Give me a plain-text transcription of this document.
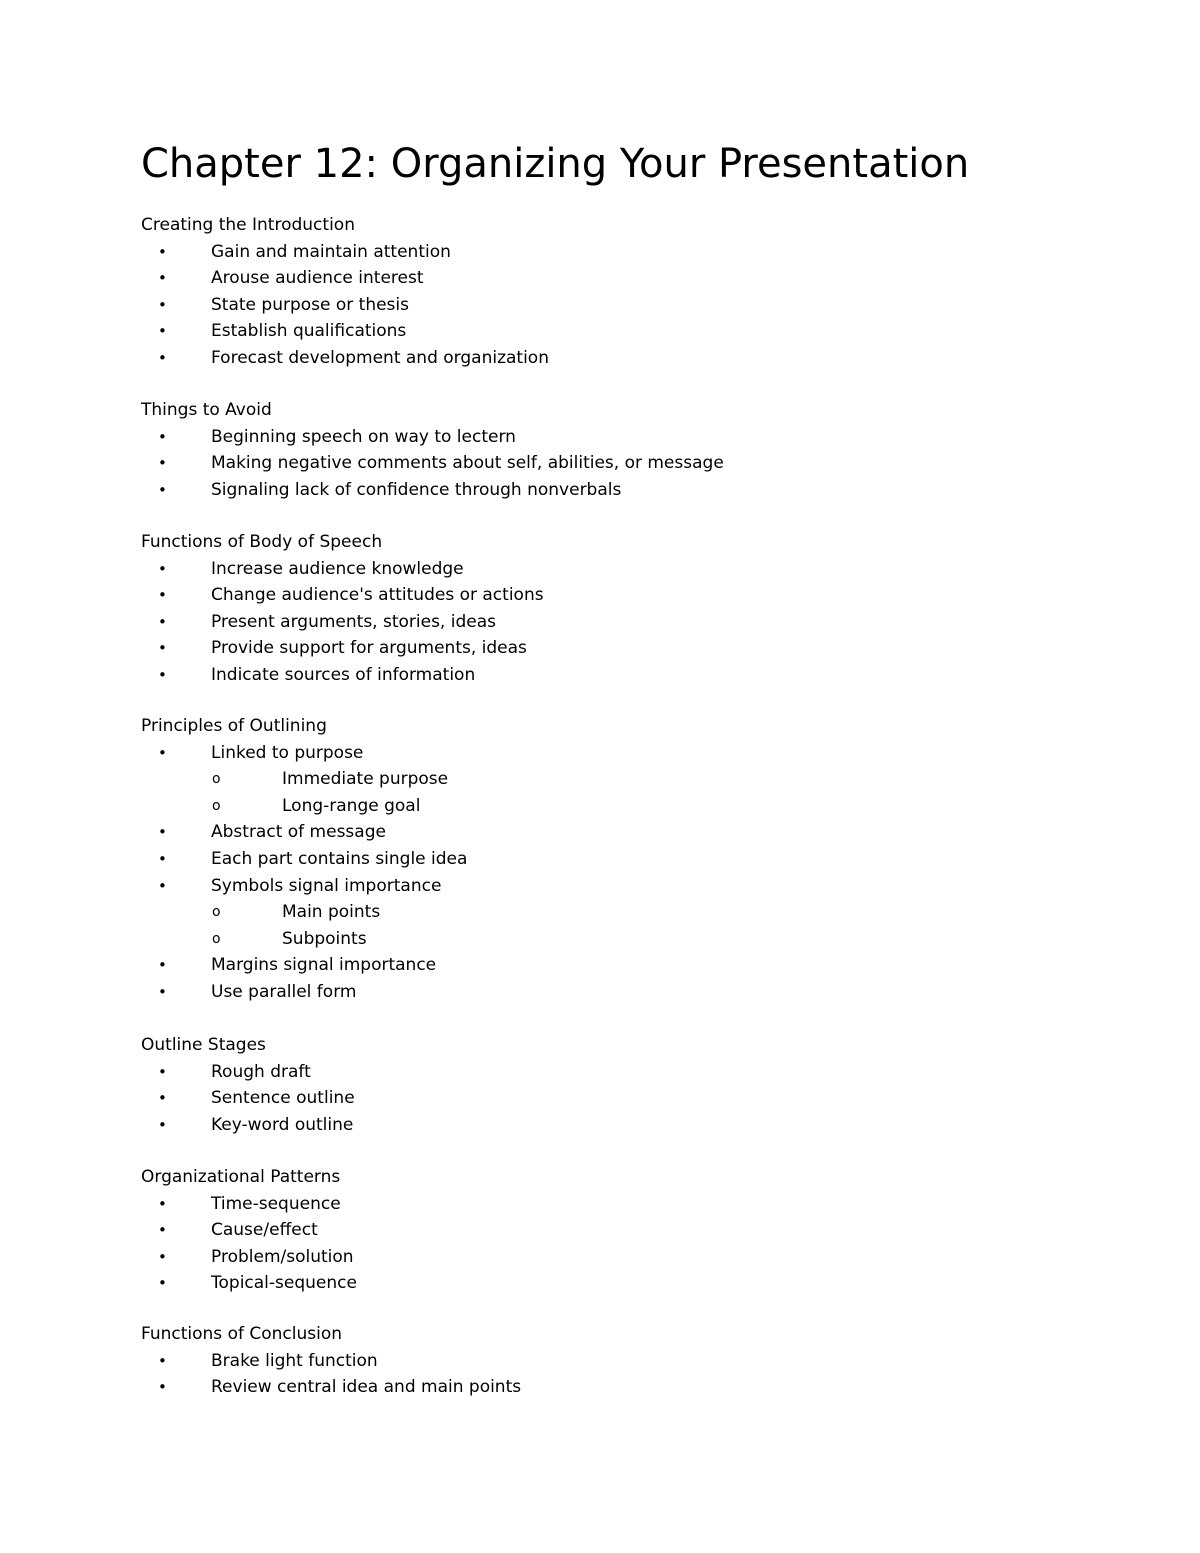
Chapter 12: Organizing Your Presentation
Creating the Introduction
•	Gain and maintain attention
•	Arouse audience interest
•	State purpose or thesis
•	Establish qualifications
•	Forecast development and organization
Things to Avoid
•	Beginning speech on way to lectern
•	Making negative comments about self, abilities, or message
•	Signaling lack of confidence through nonverbals
Functions of Body of Speech
•	Increase audience knowledge
•	Change audience's attitudes or actions
•	Present arguments, stories, ideas
•	Provide support for arguments, ideas
•	Indicate sources of information
Principles of Outlining
•	Linked to purpose
o	Immediate purpose
o	Long-range goal
•	Abstract of message
•	Each part contains single idea
•	Symbols signal importance
o	Main points
o	Subpoints
•	Margins signal importance
•	Use parallel form
Outline Stages
•	Rough draft
•	Sentence outline
•	Key-word outline
Organizational Patterns
•	Time-sequence
•	Cause/effect
•	Problem/solution
•	Topical-sequence
Functions of Conclusion
•	Brake light function
•	Review central idea and main points
